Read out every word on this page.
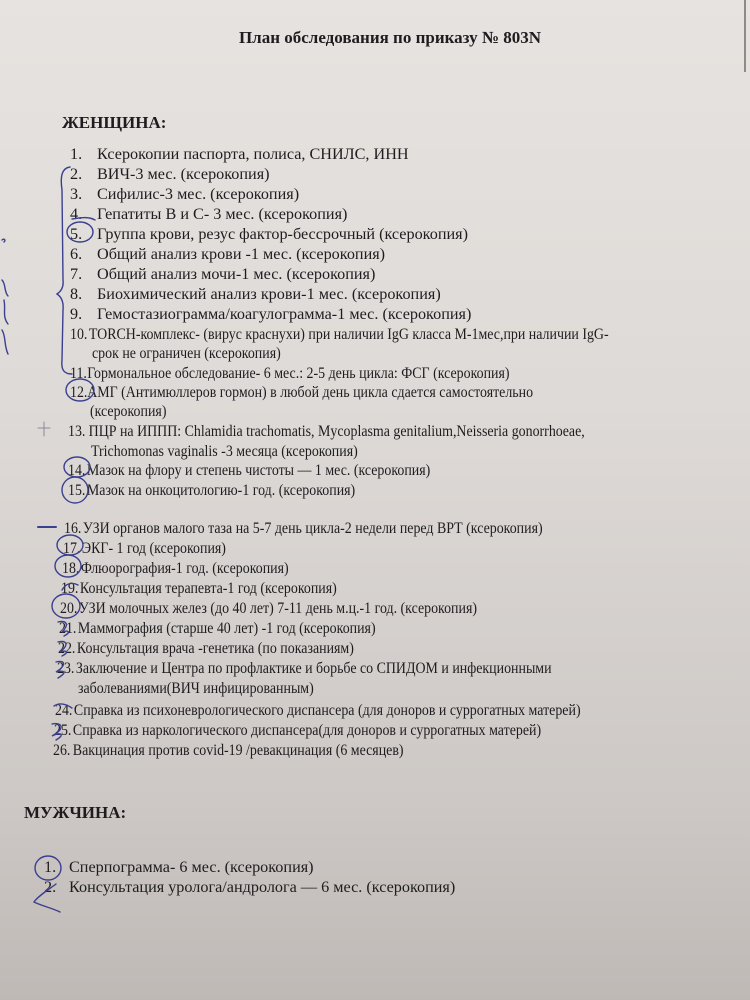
План обследования по приказу № 803N
ЖЕНЩИНА:
1. Ксерокопии паспорта, полиса, СНИЛС, ИНН
2. ВИЧ-3 мес. (ксерокопия)
3. Сифилис-3 мес. (ксерокопия)
4. Гепатиты В и С- 3 мес. (ксерокопия)
5. Группа крови, резус фактор-бессрочный (ксерокопия)
6. Общий анализ крови -1 мес. (ксерокопия)
7. Общий анализ мочи-1 мес. (ксерокопия)
8. Биохимический анализ крови-1 мес. (ксерокопия)
9. Гемостазиограмма/коагулограмма-1 мес. (ксерокопия)
10.TORCH-комплекс- (вирус краснухи) при наличии IgG класса М-1мес,при наличии IgG-
срок не ограничен (ксерокопия)
11.Гормональное обследование- 6 мес.: 2-5 день цикла: ФСГ (ксерокопия)
12.АМГ (Антимюллеров гормон) в любой день цикла сдается самостоятельно
(ксерокопия)
13. ПЦР на ИППП: Chlamidia trachomatis, Mycoplasma genitalium,Neisseria gonorrhoeae,
Trichomonas vaginalis -3 месяца (ксерокопия)
14.Мазок на флору и степень чистоты — 1 мес. (ксерокопия)
15.Мазок на онкоцитологию-1 год. (ксерокопия)
16.УЗИ органов малого таза на 5-7 день цикла-2 недели перед ВРТ (ксерокопия)
17.ЭКГ- 1 год (ксерокопия)
18.Флюорография-1 год. (ксерокопия)
19.Консультация терапевта-1 год (ксерокопия)
20.УЗИ молочных желез (до 40 лет) 7-11 день м.ц.-1 год. (ксерокопия)
21.Маммография (старше 40 лет) -1 год (ксерокопия)
22.Консультация врача -генетика (по показаниям)
23.Заключение и Центра по профлактике и борьбе со СПИДОМ и инфекционными
заболеваниями(ВИЧ инфицированным)
24.Справка из психоневрологического диспансера (для доноров и суррогатных матерей)
25.Справка из наркологического диспансера(для доноров и суррогатных матерей)
26. Вакцинация против covid-19 /ревакцинация (6 месяцев)
МУЖЧИНА:
1. Сперпограмма- 6 мес. (ксерокопия)
2. Консультация уролога/андролога — 6 мес. (ксерокопия)
